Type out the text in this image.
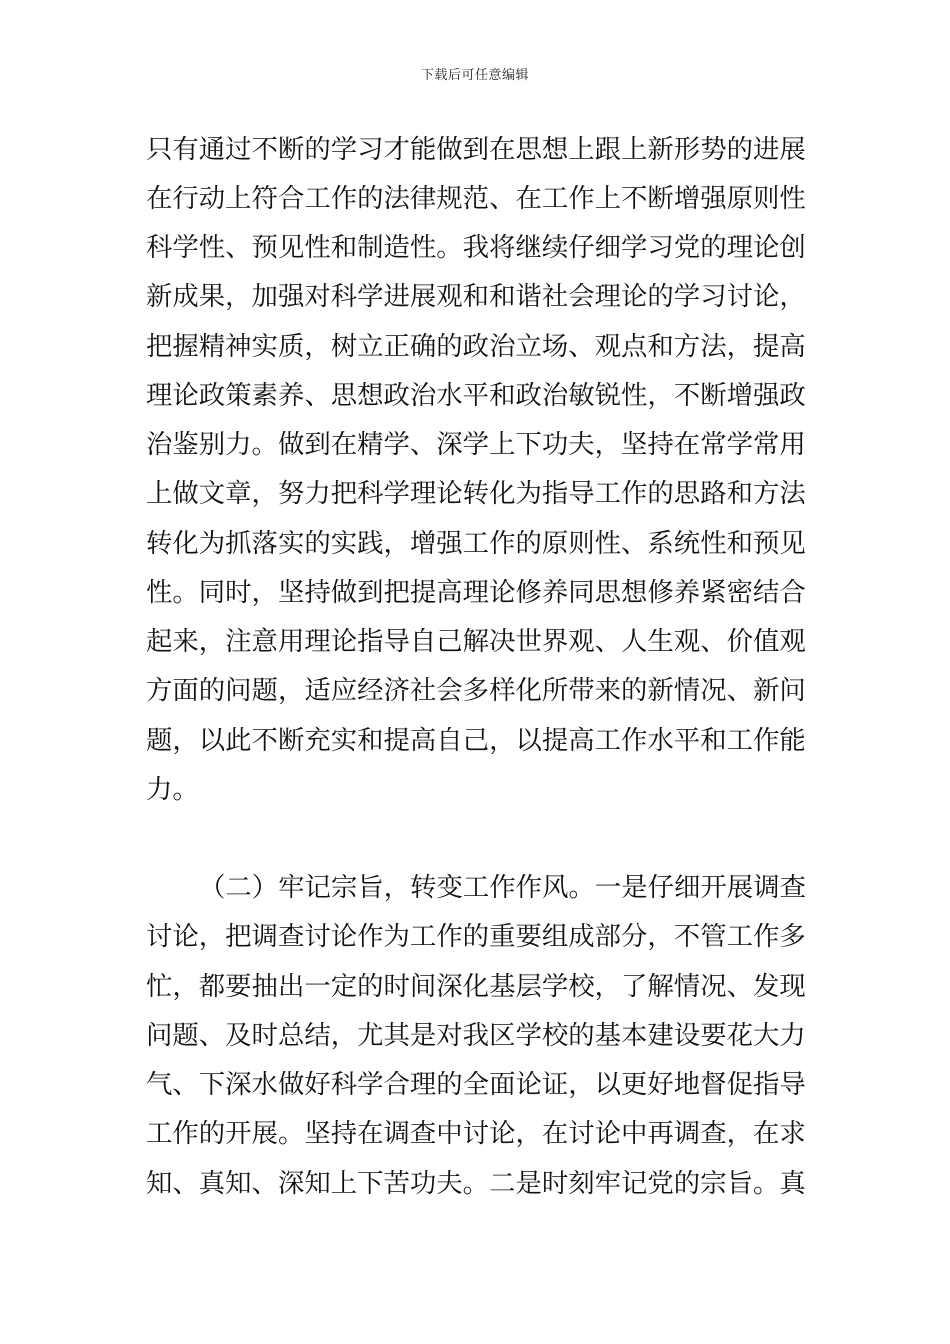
下载后可任意编辑
只有通过不断的学习才能做到在思想上跟上新形势的进展
在行动上符合工作的法律规范、在工作上不断增强原则性
科学性、预见性和制造性。我将继续仔细学习党的理论创
新成果，加强对科学进展观和和谐社会理论的学习讨论，
把握精神实质，树立正确的政治立场、观点和方法，提高
理论政策素养、思想政治水平和政治敏锐性，不断增强政
治鉴别力。做到在精学、深学上下功夫，坚持在常学常用
上做文章，努力把科学理论转化为指导工作的思路和方法
转化为抓落实的实践，增强工作的原则性、系统性和预见
性。同时，坚持做到把提高理论修养同思想修养紧密结合
起来，注意用理论指导自己解决世界观、人生观、价值观
方面的问题，适应经济社会多样化所带来的新情况、新问
题，以此不断充实和提高自己，以提高工作水平和工作能
力。
（二）牢记宗旨，转变工作作风。一是仔细开展调查
讨论，把调查讨论作为工作的重要组成部分，不管工作多
忙，都要抽出一定的时间深化基层学校，了解情况、发现
问题、及时总结，尤其是对我区学校的基本建设要花大力
气、下深水做好科学合理的全面论证，以更好地督促指导
工作的开展。坚持在调查中讨论，在讨论中再调查，在求
知、真知、深知上下苦功夫。二是时刻牢记党的宗旨。真
